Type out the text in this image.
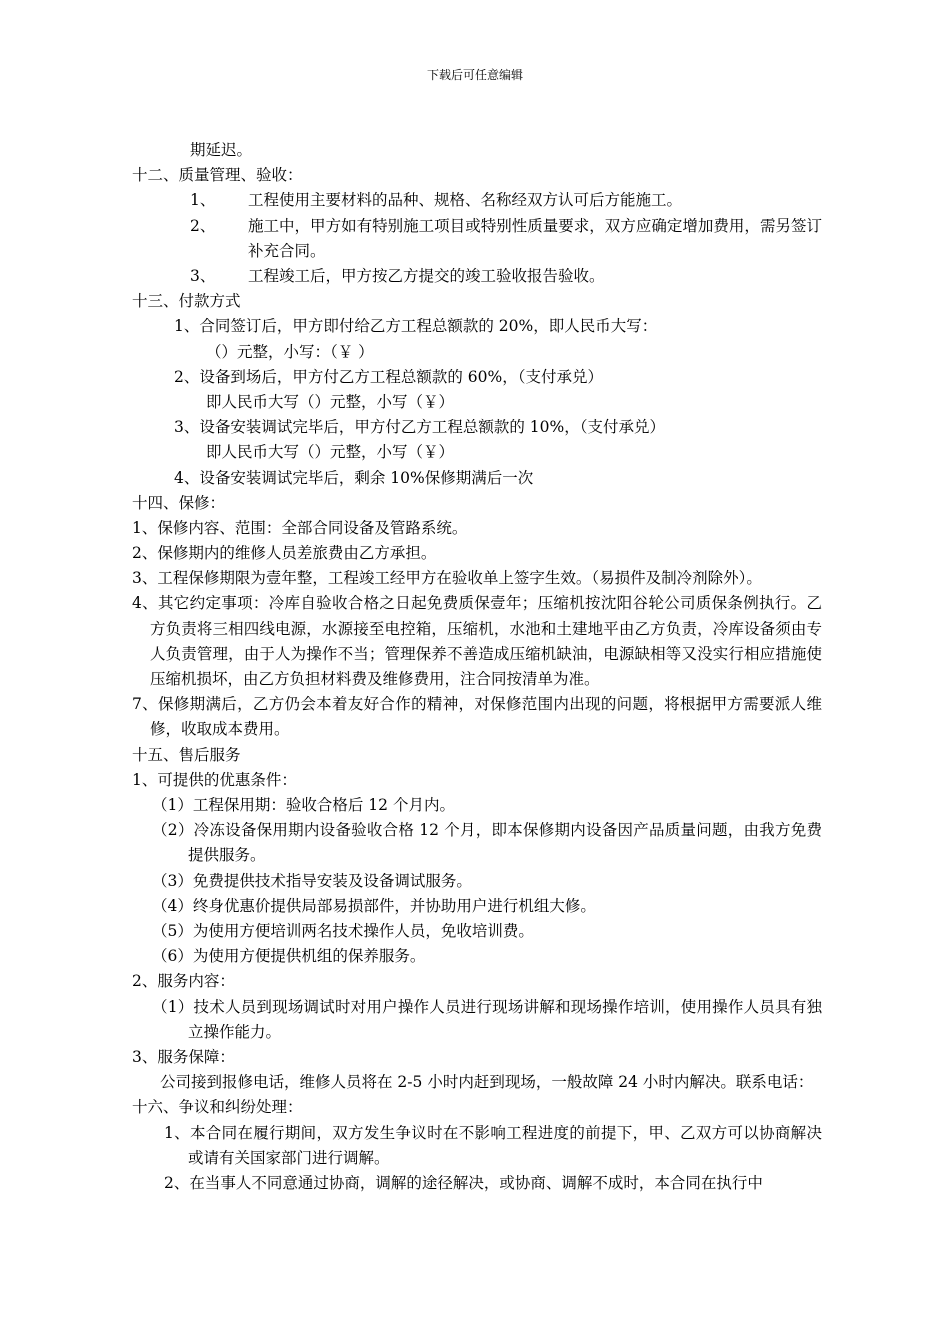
下载后可任意编辑
期延迟。
十二、质量管理、验收：
1、	工程使用主要材料的品种、规格、名称经双方认可后方能施工。
2、	施工中，甲方如有特别施工项目或特别性质量要求，双方应确定增加费用，需另签订补充合同。
3、	工程竣工后，甲方按乙方提交的竣工验收报告验收。
十三、付款方式
1、合同签订后，甲方即付给乙方工程总额款的 20%，即人民币大写：
（）元整，小写：（￥ ）
2、设备到场后，甲方付乙方工程总额款的 60%，（支付承兑）
即人民币大写（）元整，小写（￥）
3、设备安装调试完毕后，甲方付乙方工程总额款的 10%，（支付承兑）
即人民币大写（）元整，小写（￥）
4、设备安装调试完毕后，剩余 10%保修期满后一次
十四、保修：
1、保修内容、范围：全部合同设备及管路系统。
2、保修期内的维修人员差旅费由乙方承担。
3、工程保修期限为壹年整，工程竣工经甲方在验收单上签字生效。（易损件及制冷剂除外）。
4、其它约定事项：冷库自验收合格之日起免费质保壹年；压缩机按沈阳谷轮公司质保条例执行。乙方负责将三相四线电源，水源接至电控箱，压缩机，水池和土建地平由乙方负责，冷库设备须由专人负责管理，由于人为操作不当；管理保养不善造成压缩机缺油，电源缺相等又没实行相应措施使压缩机损坏，由乙方负担材料费及维修费用，注合同按清单为准。
7、保修期满后，乙方仍会本着友好合作的精神，对保修范围内出现的问题，将根据甲方需要派人维修，收取成本费用。
十五、售后服务
1、可提供的优惠条件：
（1）工程保用期：验收合格后 12 个月内。
（2）冷冻设备保用期内设备验收合格 12 个月，即本保修期内设备因产品质量问题，由我方免费提供服务。
（3）免费提供技术指导安装及设备调试服务。
（4）终身优惠价提供局部易损部件，并协助用户进行机组大修。
（5）为使用方便培训两名技术操作人员，免收培训费。
（6）为使用方便提供机组的保养服务。
2、服务内容：
（1）技术人员到现场调试时对用户操作人员进行现场讲解和现场操作培训，使用操作人员具有独立操作能力。
3、服务保障：
公司接到报修电话，维修人员将在 2-5 小时内赶到现场，一般故障 24 小时内解决。联系电话：
十六、争议和纠纷处理：
1、本合同在履行期间，双方发生争议时在不影响工程进度的前提下，甲、乙双方可以协商解决或请有关国家部门进行调解。
2、在当事人不同意通过协商，调解的途径解决，或协商、调解不成时，本合同在执行中
